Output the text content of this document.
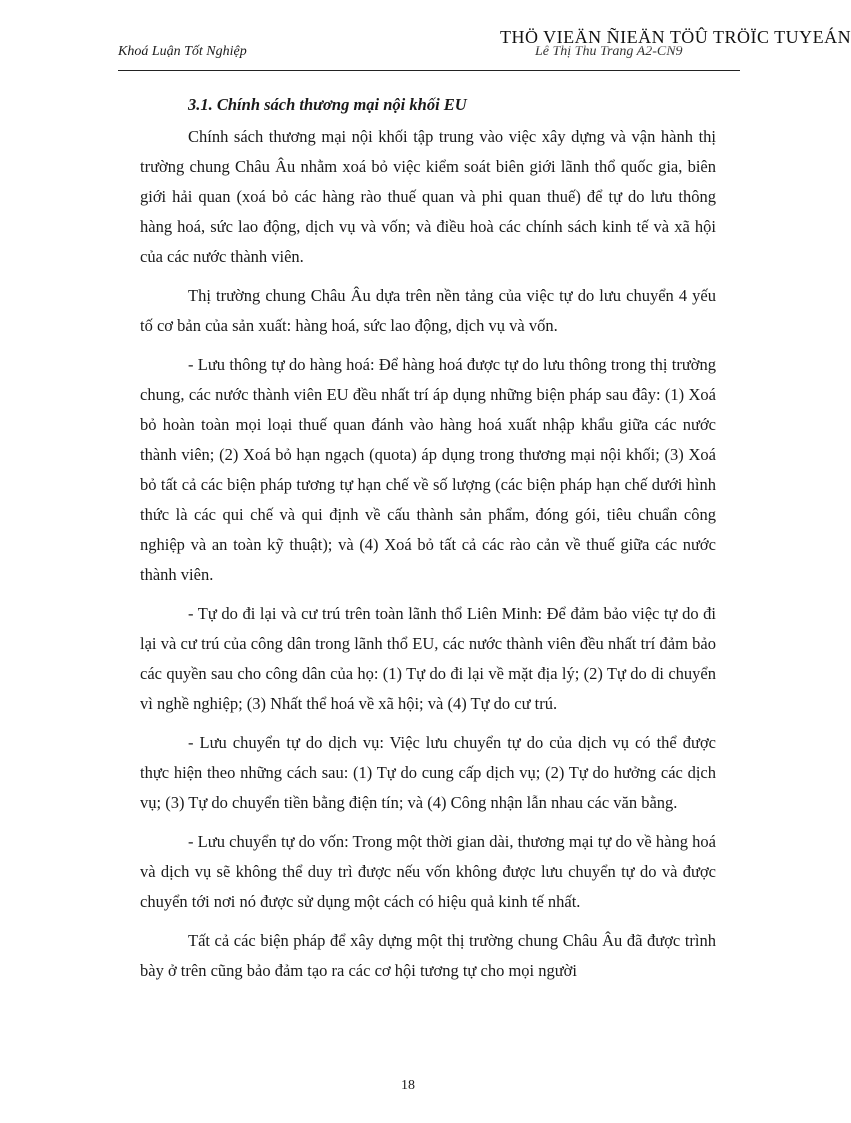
Khoá Luận Tốt Nghiệp	Lê Thị Thu Trang A2-CN9
THÖ VIEÄN ÑIEÄN TÖÛ TRÖÏC TUYEÁN
3.1. Chính sách thương mại nội khối EU

Chính sách thương mại nội khối tập trung vào việc xây dựng và vận hành thị trường chung Châu Âu nhằm xoá bỏ việc kiểm soát biên giới lãnh thổ quốc gia, biên giới hải quan (xoá bỏ các hàng rào thuế quan và phi quan thuế) để tự do lưu thông hàng hoá, sức lao động, dịch vụ và vốn; và điều hoà các chính sách kinh tế và xã hội của các nước thành viên.

Thị trường chung Châu Âu dựa trên nền tảng của việc tự do lưu chuyển 4 yếu tố cơ bản của sản xuất: hàng hoá, sức lao động, dịch vụ và vốn.

- Lưu thông tự do hàng hoá: Để hàng hoá được tự do lưu thông trong thị trường chung, các nước thành viên EU đều nhất trí áp dụng những biện pháp sau đây: (1) Xoá bỏ hoàn toàn mọi loại thuế quan đánh vào hàng hoá xuất nhập khẩu giữa các nước thành viên; (2) Xoá bỏ hạn ngạch (quota) áp dụng trong thương mại nội khối; (3) Xoá bỏ tất cả các biện pháp tương tự hạn chế về số lượng (các biện pháp hạn chế dưới hình thức là các qui chế và qui định về cấu thành sản phẩm, đóng gói, tiêu chuẩn công nghiệp và an toàn kỹ thuật); và (4) Xoá bỏ tất cả các rào cản về thuế giữa các nước thành viên.

- Tự do đi lại và cư trú trên toàn lãnh thổ Liên Minh: Để đảm bảo việc tự do đi lại và cư trú của công dân trong lãnh thổ EU, các nước thành viên đều nhất trí đảm bảo các quyền sau cho công dân của họ: (1) Tự do đi lại về mặt địa lý; (2) Tự do di chuyển vì nghề nghiệp; (3) Nhất thể hoá về xã hội; và (4) Tự do cư trú.

- Lưu chuyển tự do dịch vụ: Việc lưu chuyển tự do của dịch vụ có thể được thực hiện theo những cách sau: (1) Tự do cung cấp dịch vụ; (2) Tự do hưởng các dịch vụ; (3) Tự do chuyển tiền bằng điện tín; và (4) Công nhận lẫn nhau các văn bằng.

- Lưu chuyển tự do vốn: Trong một thời gian dài, thương mại tự do về hàng hoá và dịch vụ sẽ không thể duy trì được nếu vốn không được lưu chuyển tự do và được chuyển tới nơi nó được sử dụng một cách có hiệu quả kinh tế nhất.

Tất cả các biện pháp để xây dựng một thị trường chung Châu Âu đã được trình bày ở trên cũng bảo đảm tạo ra các cơ hội tương tự cho mọi người

18
